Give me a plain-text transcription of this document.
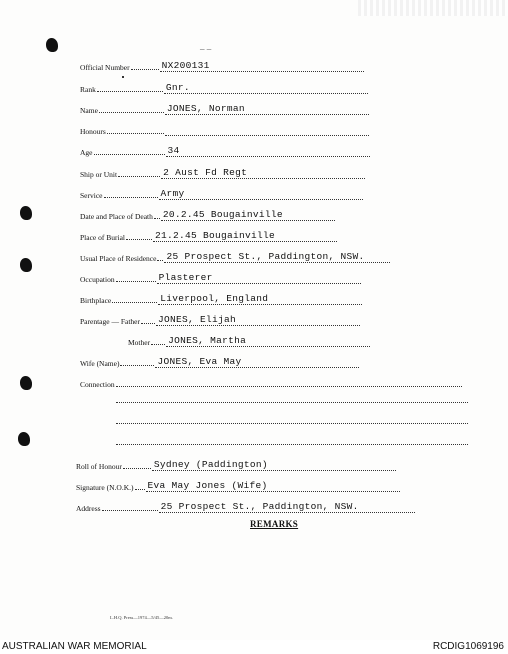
– –
Official Number	NX200131
Rank	Gnr.
Name	JONES, Norman
Honours
Age	34
Ship or Unit	2 Aust Fd Regt
Service	Army
Date and Place of Death 20.2.45 Bougainville
Place of Burial	21.2.45 Bougainville
Usual Place of Residence 25 Prospect St., Paddington, NSW.
Occupation	Plasterer
Birthplace	Liverpool, England
Parentage — Father JONES, Elijah
Mother JONES, Martha
Wife (Name)	JONES, Eva May
Connection
Roll of Honour	Sydney (Paddington)
Signature (N.O.K.) Eva May Jones (Wife)
Address	25 Prospect St., Paddington, NSW.
REMARKS
L.H.Q. Press—1974—5/45—20m.
AUSTRALIAN WAR MEMORIAL	RCDIG1069196
